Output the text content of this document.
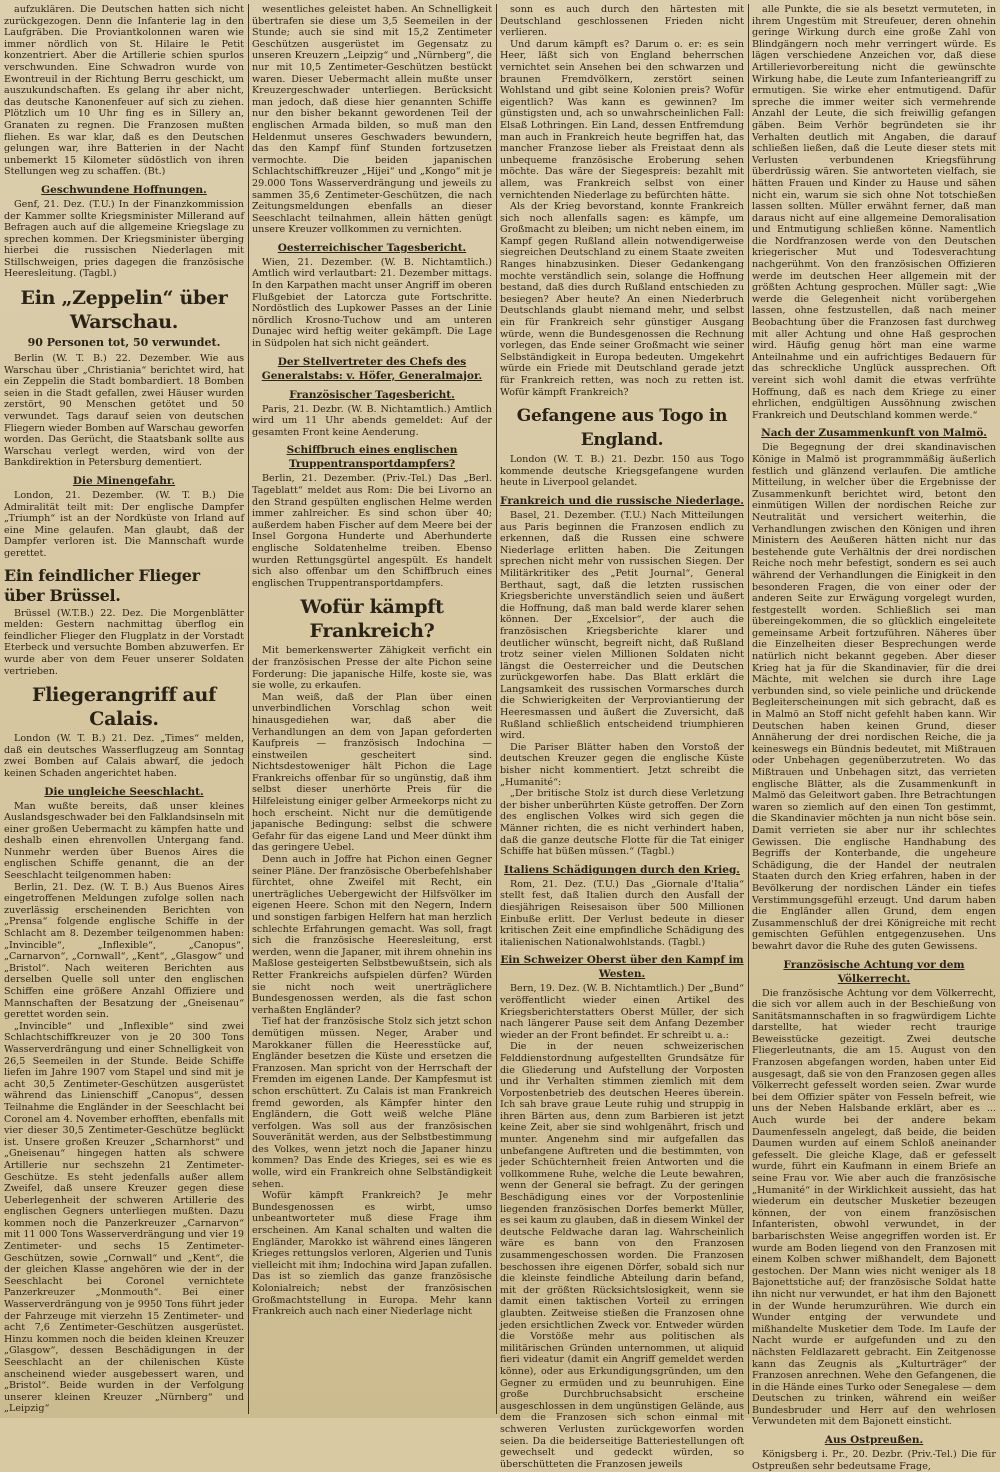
aufzuklären. Die Deutschen hatten sich nicht zurückgezogen. Denn die Infanterie lag in den Laufgräben. Die Proviantkolonnen waren wie immer nördlich von St. Hilaire le Petit konzentriert. Aber die Artillerie schien spurlos verschwunden. Eine Schwadron wurde von Ewontreuil in der Richtung Berru geschickt, um auszukundschaften. Es gelang ihr aber nicht, das deutsche Kanonenfeuer auf sich zu ziehen. Plötzlich um 10 Uhr fing es in Sillery an, Granaten zu regnen. Die Franzosen mußten fliehen. Es war klar, daß es den Deutschen gelungen war, ihre Batterien in der Nacht unbemerkt 15 Kilometer südöstlich von ihren Stellungen weg zu schaffen. (Bt.)

Geschwundene Hoffnungen.

Genf, 21. Dez. (T.U.) In der Finanzkommission der Kammer sollte Kriegsminister Millerand auf Befragen auch auf die allgemeine Kriegslage zu sprechen kommen. Der Kriegsminister überging hierbei die russischen Niederlagen mit Stillschweigen, pries dagegen die französische Heeresleitung. (Tagbl.)

Ein „Zeppelin“ über Warschau.
90 Personen tot, 50 verwundet.

Berlin (W. T. B.) 22. Dezember. Wie aus Warschau über „Christiania“ berichtet wird, hat ein Zeppelin die Stadt bombardiert. 18 Bomben seien in die Stadt gefallen, zwei Häuser wurden zerstört, 90 Menschen getötet und 50 verwundet. Tags darauf seien von deutschen Fliegern wieder Bomben auf Warschau geworfen worden. Das Gerücht, die Staatsbank sollte aus Warschau verlegt werden, wird von der Bankdirektion in Petersburg dementiert.

Die Minengefahr.

London, 21. Dezember. (W. T. B.) Die Admiralität teilt mit: Der englische Dampfer „Triumph“ ist an der Nordküste von Irland auf eine Mine gelaufen. Man glaubt, daß der Dampfer verloren ist. Die Mannschaft wurde gerettet.

Ein feindlicher Flieger über Brüssel.

Brüssel (W.T.B.) 22. Dez. Die Morgenblätter melden: Gestern nachmittag überflog ein feindlicher Flieger den Flugplatz in der Vorstadt Eterbeck und versuchte Bomben abzuwerfen. Er wurde aber von dem Feuer unserer Soldaten vertrieben.

Fliegerangriff auf Calais.

London (W. T. B.) 21. Dez. „Times“ melden, daß ein deutsches Wasserflugzeug am Sonntag zwei Bomben auf Calais abwarf, die jedoch keinen Schaden angerichtet haben.

Die ungleiche Seeschlacht.

Man wußte bereits, daß unser kleines Auslandsgeschwader bei den Falklandsinseln mit einer großen Uebermacht zu kämpfen hatte und deshalb einen ehrenvollen Untergang fand. Nunmehr werden über Buenos Aires die englischen Schiffe genannt, die an der Seeschlacht teilgenommen haben:

Berlin, 21. Dez. (W. T. B.) Aus Buenos Aires eingetroffenen Meldungen zufolge sollen nach zuverlässig erscheinenden Berichten von „Prensa“ folgende englische Schiffe in der Schlacht am 8. Dezember teilgenommen haben: „Invincible“, „Inflexible“, „Canopus“, „Carnarvon“, „Cornwall“, „Kent“, „Glasgow“ und „Bristol“. Nach weiteren Berichten aus derselben Quelle soll unter den englischen Schiffen eine größere Anzahl Offiziere und Mannschaften der Besatzung der „Gneisenau“ gerettet worden sein.

„Invincible“ und „Inflexible“ sind zwei Schlachtschiffkreuzer von je 20 300 Tons Wasserverdrängung und einer Schnelligkeit von 26,5 Seemeilen in der Stunde. Beide Schiffe liefen im Jahre 1907 vom Stapel und sind mit je acht 30,5 Zentimeter-Geschützen ausgerüstet während das Linienschiff „Canopus“, dessen Teilnahme die Engländer in der Seeschlacht bei Coronel am 4. November erhofften, ebenfalls mit vier dieser 30,5 Zentimeter-Geschütze beglückt ist. Unsere großen Kreuzer „Scharnhorst“ und „Gneisenau“ hingegen hatten als schwere Artillerie nur sechszehn 21 Zentimeter-Geschütze. Es steht jedenfalls außer allem Zweifel, daß unsere Kreuzer gegen diese Ueberlegenheit der schweren Artillerie des englischen Gegners unterliegen mußten. Dazu kommen noch die Panzerkreuzer „Carnarvon“ mit 11 000 Tons Wasserverdrängung und vier 19 Zentimeter- und sechs 15 Zentimeter-Geschützen, sowie „Cornwall“ und „Kent“, die der gleichen Klasse angehören wie der in der Seeschlacht bei Coronel vernichtete Panzerkreuzer „Monmouth“. Bei einer Wasserverdrängung von je 9950 Tons führt jeder der Fahrzeuge mit vierzehn 15 Zentimeter- und acht 7,6 Zentimeter-Geschützen ausgerüstet. Hinzu kommen noch die beiden kleinen Kreuzer „Glasgow“, dessen Beschädigungen in der Seeschlacht an der chilenischen Küste anscheinend wieder ausgebessert waren, und „Bristol“. Beide wurden in der Verfolgung unserer kleinen Kreuzer „Nürnberg“ und „Leipzig“

wesentliches geleistet haben. An Schnelligkeit übertrafen sie diese um 3,5 Seemeilen in der Stunde; auch sie sind mit 15,2 Zentimeter Geschützen ausgerüstet im Gegensatz zu unseren Kreuzern „Leipzig“ und „Nürnberg“, die nur mit 10,5 Zentimeter-Geschützen bestückt waren. Dieser Uebermacht allein mußte unser Kreuzergeschwader unterliegen. Berücksicht man jedoch, daß diese hier genannten Schiffe nur den bisher bekannt gewordenen Teil der englischen Armada bilden, so muß man den Heldenmut unseres Geschwaders bewundern, das den Kampf fünf Stunden fortzusetzen vermochte. Die beiden japanischen Schlachtschiffkreuzer „Hijei“ und „Kongo“ mit je 29.000 Tons Wasserverdrängung und jeweils zu sammen 35,6 Zentimeter-Geschützen, die nach Zeitungsmeldungen ebenfalls an dieser Seeschlacht teilnahmen, allein hätten genügt unsere Kreuzer vollkommen zu vernichten.

Oesterreichischer Tagesbericht.

Wien, 21. Dezember. (W. B. Nichtamtlich.) Amtlich wird verlautbart: 21. Dezember mittags. In den Karpathen macht unser Angriff im oberen Flußgebiet der Latorcza gute Fortschritte. Nordöstlich des Lupkower Passes an der Linie nördlich Krosno-Tuchow und am unteren Dunajec wird heftig weiter gekämpft. Die Lage in Südpolen hat sich nicht geändert.

Der Stellvertreter des Chefs des Generalstabs: v. Höfer, Generalmajor.
Französischer Tagesbericht.

Paris, 21. Dezbr. (W. B. Nichtamtlich.) Amtlich wird um 11 Uhr abends gemeldet: Auf der gesamten Front keine Aenderung.

Schiffbruch eines englischen Truppentransportdampfers?

Berlin, 21. Dezember. (Priv.-Tel.) Das „Berl. Tageblatt“ meldet aus Rom: Die bei Livorno an den Strand gespülten englischen Helme werden immer zahlreicher. Es sind schon über 40; außerdem haben Fischer auf dem Meere bei der Insel Gorgona Hunderte und Aberhunderte englische Soldatenhelme treiben. Ebenso wurden Rettungsgürtel angespült. Es handelt sich also offenbar um den Schiffbruch eines englischen Truppentransportdampfers.

Wofür kämpft Frankreich?

Mit bemerkenswerter Zähigkeit verficht ein der französischen Presse der alte Pichon seine Forderung: Die japanische Hilfe, koste sie, was sie wolle, zu erkaufen.

Man weiß, daß der Plan über einen unverbindlichen Vorschlag schon weit hinausgediehen war, daß aber die Verhandlungen an dem von Japan geforderten Kaufpreis — französisch Indochina — einstweilen gescheitert sind. Nichtsdestoweniger hält Pichon die Lage Frankreichs offenbar für so ungünstig, daß ihm selbst dieser unerhörte Preis für die Hilfeleistung einiger gelber Armeekorps nicht zu hoch erscheint. Nicht nur die demütigende japanische Bedingung: selbst die schwere Gefahr für das eigene Land und Meer dünkt ihm das geringere Uebel.

Denn auch in Joffre hat Pichon einen Gegner seiner Pläne. Der französische Oberbefehlshaber fürchtet, ohne Zweifel mit Recht, ein unerträgliches Uebergewicht der Hilfsvölker im eigenen Heere. Schon mit den Negern, Indern und sonstigen farbigen Helfern hat man herzlich schlechte Erfahrungen gemacht. Was soll, fragt sich die französische Heeresleitung, erst werden, wenn die Japaner, mit ihrem ohnehin ins Maßlose gesteigerten Selbstbewußtsein, sich als Retter Frankreichs aufspielen dürfen? Würden sie nicht noch weit unerträglichere Bundesgenossen werden, als die fast schon verhaßten Engländer?

Tief hat der französische Stolz sich jetzt schon demütigen müssen. Neger, Araber und Marokkaner füllen die Heeresstücke auf, Engländer besetzen die Küste und ersetzen die Franzosen. Man spricht von der Herrschaft der Fremden im eigenen Lande. Der Kampfesmut ist schon erschüttert. Zu Calais ist man Frankreich fremd geworden, als Kämpfer hinter den Engländern, die Gott weiß welche Pläne verfolgen. Was soll aus der französischen Souveränität werden, aus der Selbstbestimmung des Volkes, wenn jetzt noch die Japaner hinzu kommen? Das Ende des Krieges, sei es wie es wolle, wird ein Frankreich ohne Selbständigkeit sehen.

Wofür kämpft Frankreich? Je mehr Bundesgenossen es wirbt, umso unbeantworteter muß diese Frage ihm erscheinen. Am Kanal schalten und walten die Engländer, Marokko ist während eines längeren Krieges rettungslos verloren, Algerien und Tunis vielleicht mit ihm; Indochina wird Japan zufallen. Das ist so ziemlich das ganze französische Kolonialreich; nebst der französischen Großmachtstellung in Europa. Mehr kann Frankreich auch nach einer Niederlage nicht

sonn es auch durch den härtesten mit Deutschland geschlossenen Frieden nicht verlieren.

Und darum kämpft es? Darum o. er: es sein Heer, läßt sich von England beherrschen vernichtet sein Ansehen bei den schwarzen und braunen Fremdvölkern, zerstört seinen Wohlstand und gibt seine Kolonien preis? Wofür eigentlich? Was kann es gewinnen? Im günstigsten und, ach so unwahrscheinlichen Fall: Elsaß Lothringen. Ein Land, dessen Entfremdung man auch in Frankreich heute begriffen hat, das mancher Franzose lieber als Freistaat denn als unbequeme französische Eroberung sehen möchte. Das wäre der Siegespreis: bezahlt mit allem, was Frankreich selbst von einer vernichtenden Niederlage zu befürchten hätte.

Als der Krieg bevorstand, konnte Frankreich sich noch allenfalls sagen: es kämpfe, um Großmacht zu bleiben; um nicht neben einem, im Kampf gegen Rußland allein notwendigerweise siegreichen Deutschland zu einem Staate zweiten Ranges hinabzusinken. Dieser Gedankengang mochte verständlich sein, solange die Hoffnung bestand, daß dies durch Rußland entschieden zu besiegen? Aber heute? An einen Niederbruch Deutschlands glaubt niemand mehr, und selbst ein für Frankreich sehr günstiger Ausgang würde, wenn die Bundesgenossen die Rechnung vorlegen, das Ende seiner Großmacht wie seiner Selbständigkeit in Europa bedeuten. Umgekehrt würde ein Friede mit Deutschland gerade jetzt für Frankreich retten, was noch zu retten ist. Wofür kämpft Frankreich?

Gefangene aus Togo in England.

London (W. T. B.) 21. Dezbr. 150 aus Togo kommende deutsche Kriegsgefangene wurden heute in Liverpool gelandet.

Frankreich und die russische Niederlage.

Basel, 21. Dezember. (T.U.) Nach Mitteilungen aus Paris beginnen die Franzosen endlich zu erkennen, daß die Russen eine schwere Niederlage erlitten haben. Die Zeitungen sprechen nicht mehr von russischen Siegen. Der Militärkritiker des „Petit Journal“, General Berthaut, sagt, daß die letzten russischen Kriegsberichte unverständlich seien und äußert die Hoffnung, daß man bald werde klarer sehen können. Der „Excelsior“, der auch die französischen Kriegsberichte klarer und deutlicher wünscht, begreift nicht, daß Rußland trotz seiner vielen Millionen Soldaten nicht längst die Oesterreicher und die Deutschen zurückgeworfen habe. Das Blatt erklärt die Langsamkeit des russischen Vormarsches durch die Schwierigkeiten der Verproviantierung der Heeresmassen und äußert die Zuversicht, daß Rußland schließlich entscheidend triumphieren wird.

Die Pariser Blätter haben den Vorstoß der deutschen Kreuzer gegen die englische Küste bisher nicht kommentiert. Jetzt schreibt die „Humanité“:

„Der britische Stolz ist durch diese Verletzung der bisher unberührten Küste getroffen. Der Zorn des englischen Volkes wird sich gegen die Männer richten, die es nicht verhindert haben, daß die ganze deutsche Flotte für die Tat einiger Schiffe hat büßen müssen.“ (Tagbl.)

Italiens Schädigungen durch den Krieg.

Rom, 21. Dez. (T.U.) Das „Giornale d'Italia“ stellt fest, daß Italien durch den Ausfall der diesjährigen Reisesaison über 500 Millionen Einbuße erlitt. Der Verlust bedeute in dieser kritischen Zeit eine empfindliche Schädigung des italienischen Nationalwohlstands. (Tagbl.)

Ein Schweizer Oberst über den Kampf im Westen.

Bern, 19. Dez. (W. B. Nichtamtlich.) Der „Bund“ veröffentlicht wieder einen Artikel des Kriegsberichterstatters Oberst Müller, der sich nach längerer Pause seit dem Anfang Dezember wieder an der Front befindet. Er schreibt u. a.:

Die in der neuen schweizerischen Felddienstordnung aufgestellten Grundsätze für die Gliederung und Aufstellung der Vorposten und ihr Verhalten stimmen ziemlich mit dem Vorpostenbetrieb des deutschen Heeres überein. Ich sah brave graue Leute ruhig und struppig in ihren Bärten aus, denn zum Barbieren ist jetzt keine Zeit, aber sie sind wohlgenährt, frisch und munter. Angenehm sind mir aufgefallen das unbefangene Auftreten und die bestimmten, von jeder Schüchternheit freien Antworten und die vollkommene Ruhe, welche die Leute bewahren, wenn der General sie befragt. Zu der geringen Beschädigung eines vor der Vorpostenlinie liegenden französischen Dorfes bemerkt Müller, es sei kaum zu glauben, daß in diesem Winkel der deutsche Feldwache daran lag. Wahrscheinlich wäre es bann von den Franzosen zusammengeschossen worden. Die Franzosen beschossen ihre eigenen Dörfer, sobald sich nur die kleinste feindliche Abteilung darin befand, mit der größten Rücksichtslosigkeit, wenn sie damit einen taktischen Vorteil zu erringen glaubten. Zeitweise stießen die Franzosen ohne jeden ersichtlichen Zweck vor. Entweder würden die Vorstöße mehr aus politischen als militärischen Gründen unternommen, ut aliquid fieri videatur (damit ein Angriff gemeldet werden könne), oder aus Erkundigungsgründen, um den Gegner zu ermüden und zu beunruhigen. Eine große Durchbruchsabsicht erscheine ausgeschlossen in dem ungünstigen Gelände, aus dem die Franzosen sich schon einmal mit schweren Verlusten zurückgeworfen worden seien. Da die beiderseitige Batteriestellungen oft gewechselt und gedeckt würden, so überschütteten die Franzosen jeweils

alle Punkte, die sie als besetzt vermuteten, in ihrem Ungestüm mit Streufeuer, deren ohnehin geringe Wirkung durch eine große Zahl von Blindgängern noch mehr verringert würde. Es lägen verschiedene Anzeichen vor, daß diese Artillerievorbereitung nicht die gewünschte Wirkung habe, die Leute zum Infanterieangriff zu ermutigen. Sie wirke eher entmutigend. Dafür spreche die immer weiter sich vermehrende Anzahl der Leute, die sich freiwillig gefangen gäben. Beim Verhör begründeten sie ihr Verhalten deutlich mit Angaben, die darauf schließen ließen, daß die Leute dieser stets mit Verlusten verbundenen Kriegsführung überdrüssig wären. Sie antworteten vielfach, sie hätten Frauen und Kinder zu Hause und sähen nicht ein, warum sie sich ohne Not totschießen lassen sollten. Müller erwähnt ferner, daß man daraus nicht auf eine allgemeine Demoralisation und Entmutigung schließen könne. Namentlich die Nordfranzosen werde von den Deutschen kriegerischer Mut und Todesverachtung nachgerühmt. Von den französischen Offizieren werde im deutschen Heer allgemein mit der größten Achtung gesprochen. Müller sagt: „Wie werde die Gelegenheit nicht vorübergehen lassen, ohne festzustellen, daß nach meiner Beobachtung über die Franzosen fast durchweg mit aller Achtung und ohne Haß gesprochen wird. Häufig genug hört man eine warme Anteilnahme und ein aufrichtiges Bedauern für das schreckliche Unglück aussprechen. Oft vereint sich wohl damit die etwas verfrühte Hoffnung, daß es nach dem Kriege zu einer ehrlichen, endgültigen Aussöhnung zwischen Frankreich und Deutschland kommen werde.“

Nach der Zusammenkunft von Malmö.

Die Begegnung der drei skandinavischen Könige in Malmö ist programmmäßig äußerlich festlich und glänzend verlaufen. Die amtliche Mitteilung, in welcher über die Ergebnisse der Zusammenkunft berichtet wird, betont den einmütigen Willen der nordischen Reiche zur Neutralität und versichert weiterhin, die Verhandlungen zwischen den Königen und ihren Ministern des Aeußeren hätten nicht nur das bestehende gute Verhältnis der drei nordischen Reiche noch mehr befestigt, sondern es sei auch während der Verhandlungen die Einigkeit in den besonderen Fragen, die von einer oder der anderen Seite zur Erwägung vorgelegt wurden, festgestellt worden. Schließlich sei man übereingekommen, die so glücklich eingeleitete gemeinsame Arbeit fortzuführen. Näheres über die Einzelheiten dieser Besprechungen werde natürlich nicht bekannt gegeben. Aber dieser Krieg hat ja für die Skandinavier, für die drei Mächte, mit welchen sie durch ihre Lage verbunden sind, so viele peinliche und drückende Begleiterscheinungen mit sich gebracht, daß es in Malmö an Stoff nicht gefehlt haben kann. Wir Deutschen haben keinen Grund, dieser Annäherung der drei nordischen Reiche, die ja keineswegs ein Bündnis bedeutet, mit Mißtrauen oder Unbehagen gegenüberzutreten. Wo das Mißtrauen und Unbehagen sitzt, das verrieten englische Blätter, als die Zusammenkunft in Malmö das Geleitwort gaben. Ihre Betrachtungen waren so ziemlich auf den einen Ton gestimmt, die Skandinavier möchten ja nun nicht böse sein. Damit verrieten sie aber nur ihr schlechtes Gewissen. Die englische Handhabung des Begriffs der Konterbande, die ungeheure Schädigung, die der Handel der neutralen Staaten durch den Krieg erfahren, haben in der Bevölkerung der nordischen Länder ein tiefes Verstimmungsgefühl erzeugt. Und darum haben die Engländer allen Grund, dem engen Zusammenschluß der drei Königreiche mit recht gemischten Gefühlen entgegenzusehen. Uns bewahrt davor die Ruhe des guten Gewissens.

Französische Achtung vor dem Völkerrecht.

Die französische Achtung vor dem Völkerrecht, die sich vor allem auch in der Beschießung von Sanitätsmannschaften in so fragwürdigem Lichte darstellte, hat wieder recht traurige Beweisstücke gezeitigt. Zwei deutsche Fliegerleutnants, die am 15. August von den Franzosen abgefangen worden, haben unter Eid ausgesagt, daß sie von den Franzosen gegen alles Völkerrecht gefesselt worden seien. Zwar wurde bei dem Offizier später von Fesseln befreit, wie uns der Neben Halsbande erklärt, aber es ... Auch wurde bei der andere bekam Daumenfesseln angelegt, daß beide, die beiden Daumen wurden auf einem Schloß aneinander gefesselt. Die gleiche Klage, daß er gefesselt wurde, führt ein Kaufmann in einem Briefe an seine Frau vor. Wie aber auch die französische „Humanité“ in der Wirklichkeit aussieht, das hat wiederum ein deutscher Musketier bezeugen können, der von einem französischen Infanteristen, obwohl verwundet, in der barbarischsten Weise angegriffen worden ist. Er wurde am Boden liegend von den Franzosen mit einem Kolben schwer mißhandelt, dem Bajonett gestochen. Der Mann wies nicht weniger als 18 Bajonettstiche auf; der französische Soldat hatte ihn nicht nur verwundet, er hat ihm den Bajonett in der Wunde herumzurühren. Wie durch ein Wunder entging der verwundete und mißhandelte Musketier dem Tode. Im Laufe der Nacht wurde er aufgefunden und zu den nächsten Feldlazarett gebracht. Ein Zeitgenosse kann das Zeugnis als „Kulturträger“ der Franzosen anrechnen. Wehe den Gefangenen, die in die Hände eines Turko oder Senegalese — dem Deutschen zu trinken, während ein weißer Bundesbruder und Herr auf den wehrlosen Verwundeten mit dem Bajonett einsticht.

Aus Ostpreußen.

Königsberg i. Pr., 20. Dezbr. (Priv.-Tel.) Die für Ostpreußen sehr bedeutsame Frage,
